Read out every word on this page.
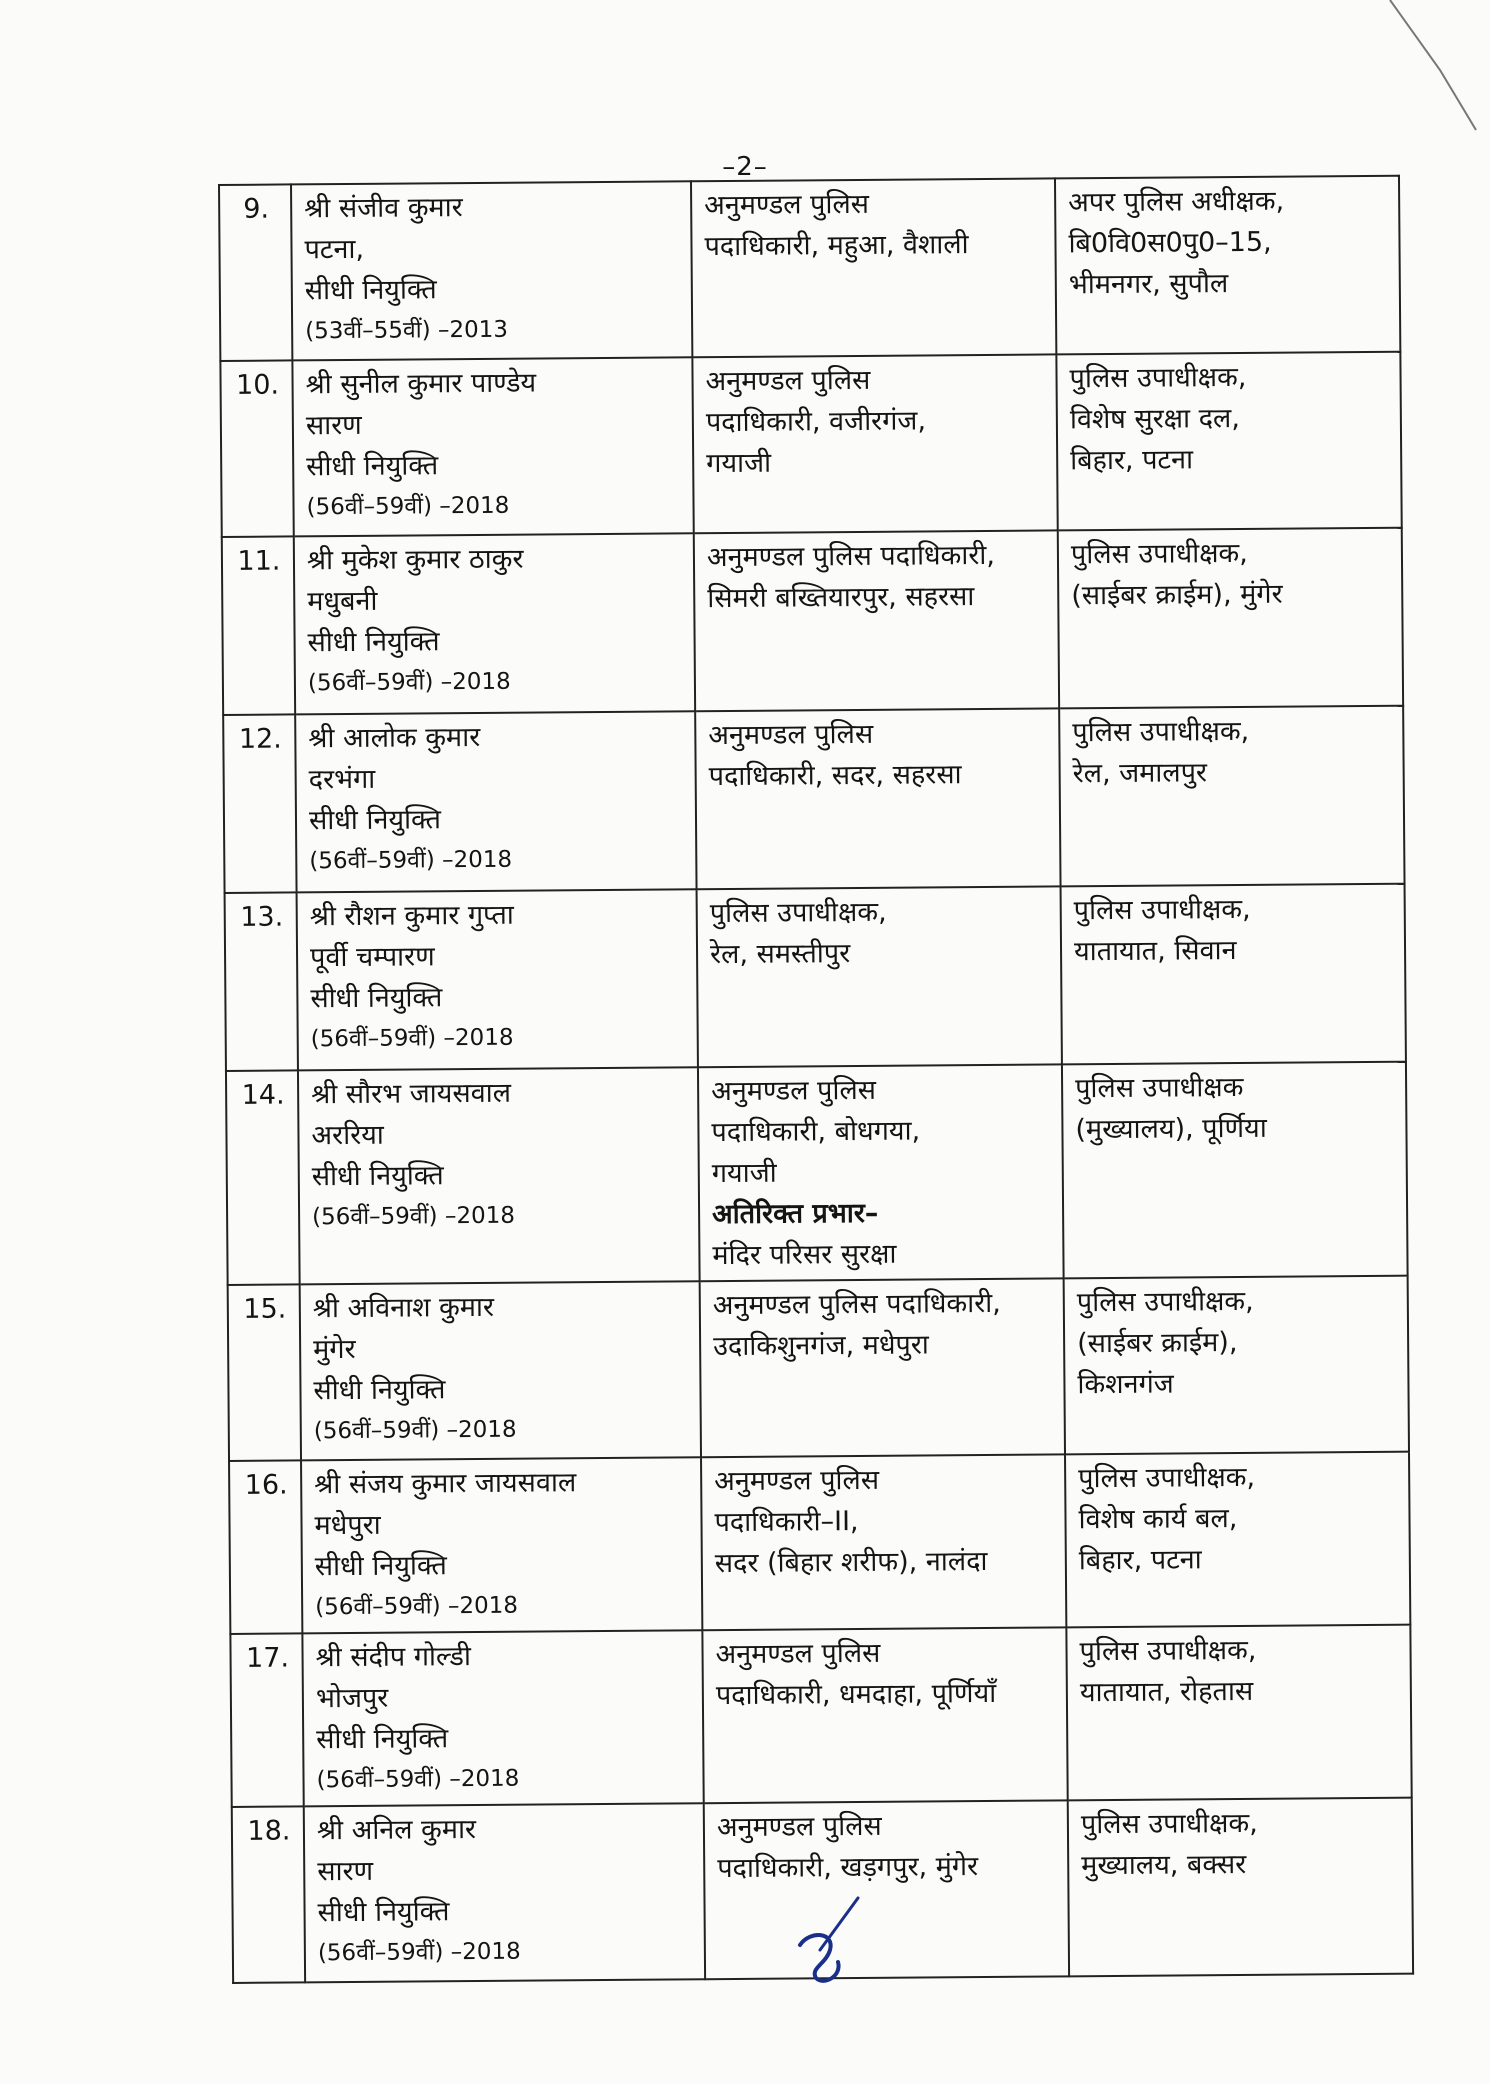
–2–
9.	श्री संजीव कुमार
पटना,
सीधी नियुक्ति
(53वीं–55वीं) –2013	अनुमण्डल पुलिस
पदाधिकारी, महुआ, वैशाली	अपर पुलिस अधीक्षक,
बि0वि0स0पु0–15,
भीमनगर, सुपौल

10.	श्री सुनील कुमार पाण्डेय
सारण
सीधी नियुक्ति
(56वीं–59वीं) –2018	अनुमण्डल पुलिस
पदाधिकारी, वजीरगंज,
गयाजी	पुलिस उपाधीक्षक,
विशेष सुरक्षा दल,
बिहार, पटना

11.	श्री मुकेश कुमार ठाकुर
मधुबनी
सीधी नियुक्ति
(56वीं–59वीं) –2018	अनुमण्डल पुलिस पदाधिकारी,
सिमरी बख्तियारपुर, सहरसा	पुलिस उपाधीक्षक,
(साईबर क्राईम), मुंगेर

12.	श्री आलोक कुमार
दरभंगा
सीधी नियुक्ति
(56वीं–59वीं) –2018	अनुमण्डल पुलिस
पदाधिकारी, सदर, सहरसा	पुलिस उपाधीक्षक,
रेल, जमालपुर

13.	श्री रौशन कुमार गुप्ता
पूर्वी चम्पारण
सीधी नियुक्ति
(56वीं–59वीं) –2018	पुलिस उपाधीक्षक,
रेल, समस्तीपुर	पुलिस उपाधीक्षक,
यातायात, सिवान

14.	श्री सौरभ जायसवाल
अररिया
सीधी नियुक्ति
(56वीं–59वीं) –2018	अनुमण्डल पुलिस
पदाधिकारी, बोधगया,
गयाजी
अतिरिक्त प्रभार–
मंदिर परिसर सुरक्षा	पुलिस उपाधीक्षक
(मुख्यालय), पूर्णिया

15.	श्री अविनाश कुमार
मुंगेर
सीधी नियुक्ति
(56वीं–59वीं) –2018	अनुमण्डल पुलिस पदाधिकारी,
उदाकिशुनगंज, मधेपुरा	पुलिस उपाधीक्षक,
(साईबर क्राईम),
किशनगंज

16.	श्री संजय कुमार जायसवाल
मधेपुरा
सीधी नियुक्ति
(56वीं–59वीं) –2018	अनुमण्डल पुलिस
पदाधिकारी–II,
सदर (बिहार शरीफ), नालंदा	पुलिस उपाधीक्षक,
विशेष कार्य बल,
बिहार, पटना

17.	श्री संदीप गोल्डी
भोजपुर
सीधी नियुक्ति
(56वीं–59वीं) –2018	अनुमण्डल पुलिस
पदाधिकारी, धमदाहा, पूर्णियाँ	पुलिस उपाधीक्षक,
यातायात, रोहतास

18.	श्री अनिल कुमार
सारण
सीधी नियुक्ति
(56वीं–59वीं) –2018	अनुमण्डल पुलिस
पदाधिकारी, खड़गपुर, मुंगेर	पुलिस उपाधीक्षक,
मुख्यालय, बक्सर
